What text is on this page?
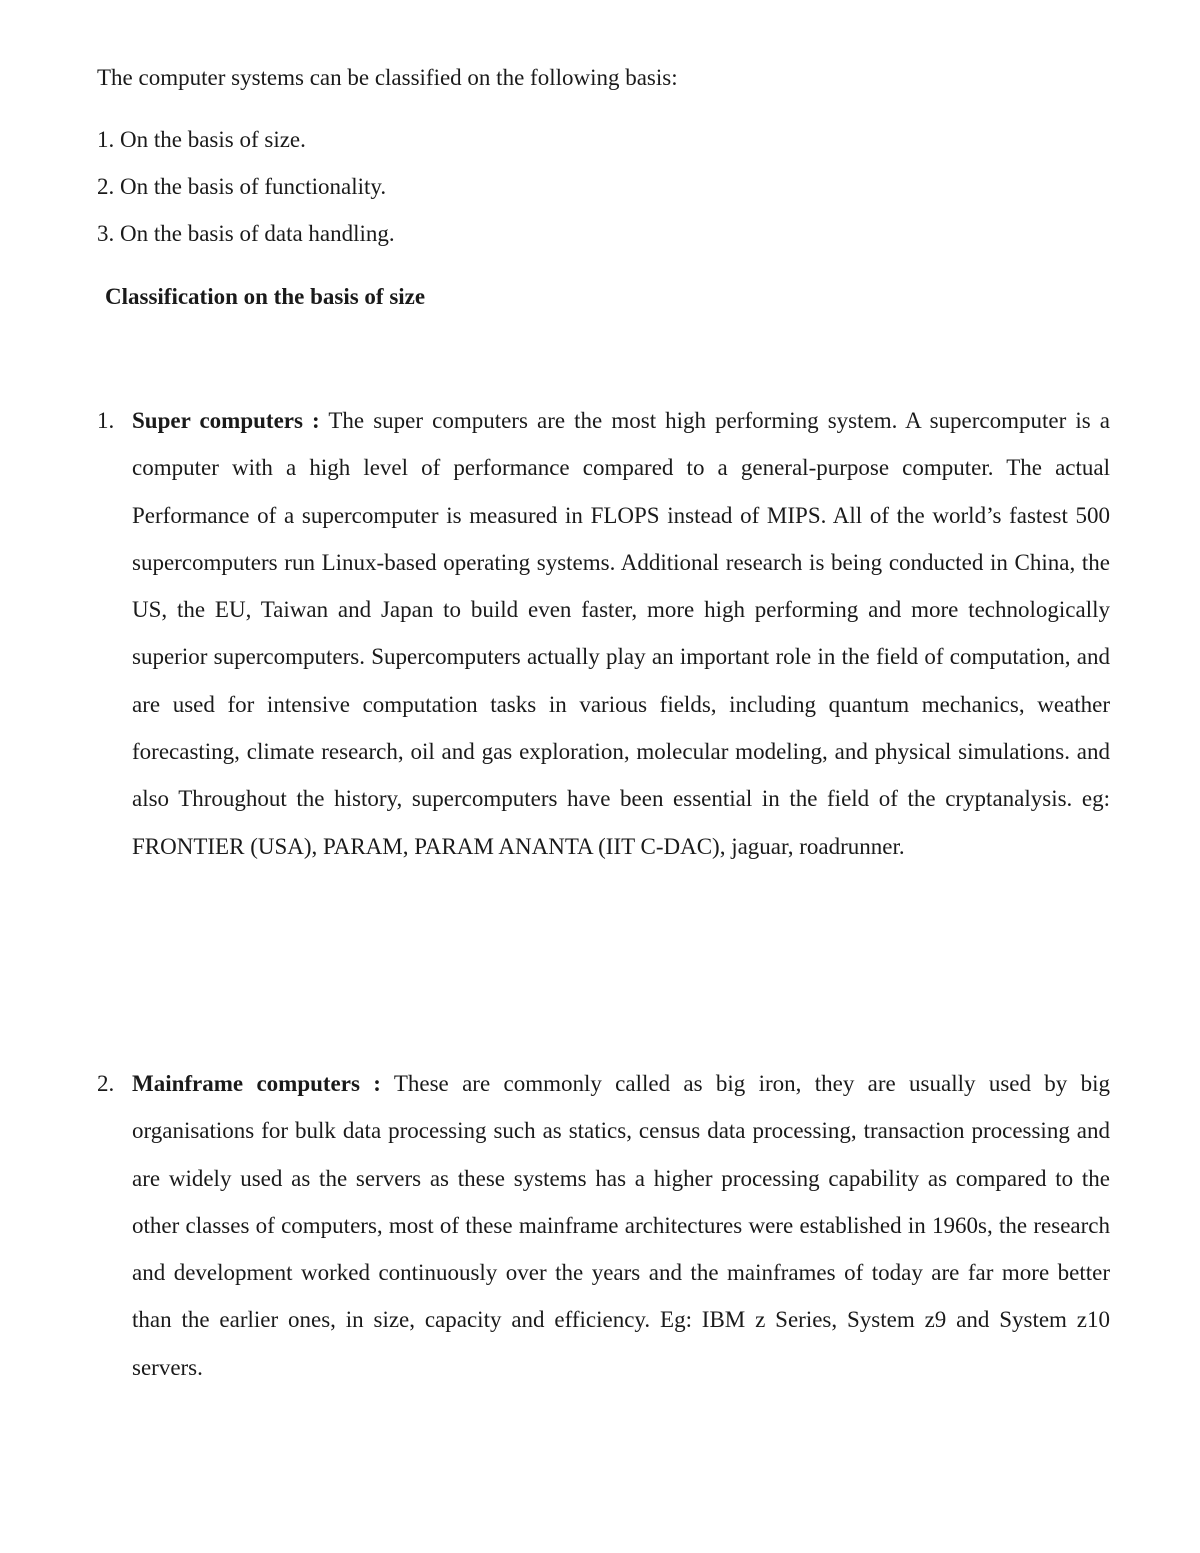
The computer systems can be classified on the following basis:

1. On the basis of size.
2. On the basis of functionality.
3. On the basis of data handling.
Classification on the basis of size
1. Super computers : The super computers are the most high performing system. A supercomputer is a computer with a high level of performance compared to a general-purpose computer. The actual Performance of a supercomputer is measured in FLOPS instead of MIPS. All of the world’s fastest 500 supercomputers run Linux-based operating systems. Additional research is being conducted in China, the US, the EU, Taiwan and Japan to build even faster, more high performing and more technologically superior supercomputers. Supercomputers actually play an important role in the field of computation, and are used for intensive computation tasks in various fields, including quantum mechanics, weather forecasting, climate research, oil and gas exploration, molecular modeling, and physical simulations. and also Throughout the history, supercomputers have been essential in the field of the cryptanalysis. eg: FRONTIER (USA), PARAM, PARAM ANANTA (IIT C-DAC), jaguar, roadrunner.
2. Mainframe computers : These are commonly called as big iron, they are usually used by big organisations for bulk data processing such as statics, census data processing, transaction processing and are widely used as the servers as these systems has a higher processing capability as compared to the other classes of computers, most of these mainframe architectures were established in 1960s, the research and development worked continuously over the years and the mainframes of today are far more better than the earlier ones, in size, capacity and efficiency. Eg: IBM z Series, System z9 and System z10 servers.
